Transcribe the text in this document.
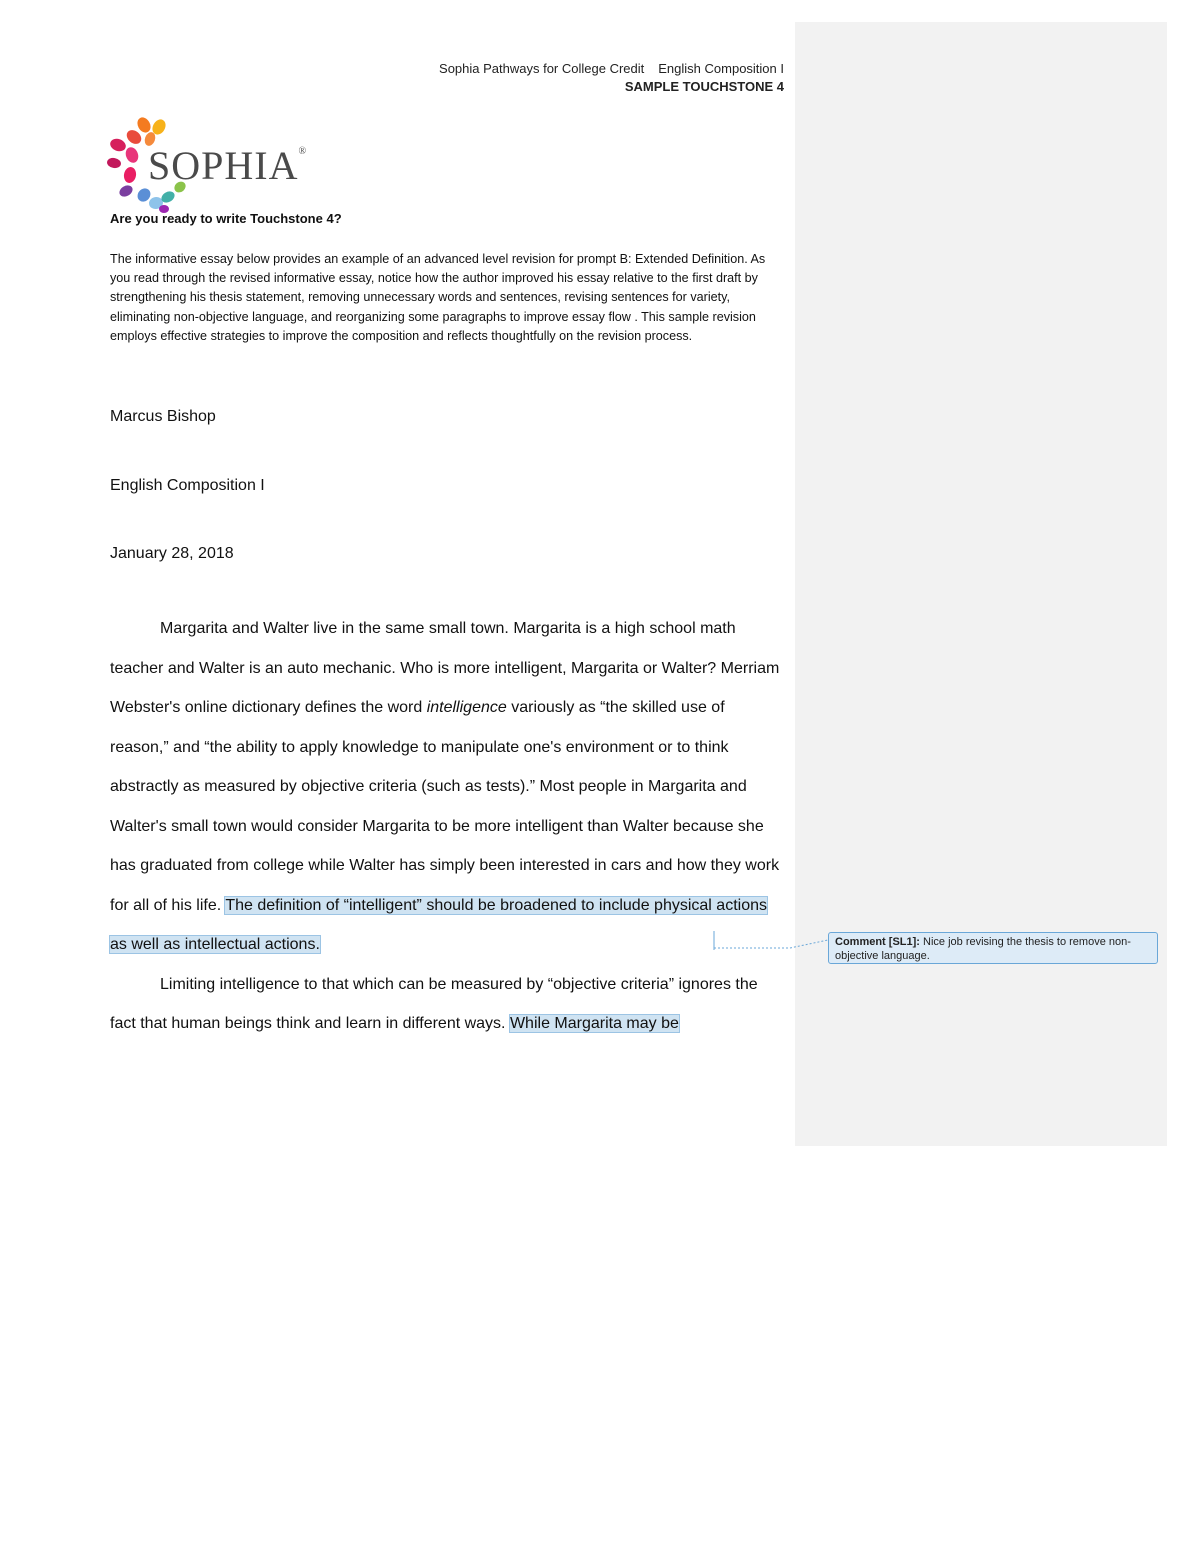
Sophia Pathways for College Credit English Composition I
SAMPLE TOUCHSTONE 4
SOPHIA®
Are you ready to write Touchstone 4?
The informative essay below provides an example of an advanced level revision for prompt B: Extended Definition. As you read through the revised informative essay, notice how the author improved his essay relative to the first draft by strengthening his thesis statement, removing unnecessary words and sentences, revising sentences for variety, eliminating non-objective language, and reorganizing some paragraphs to improve essay flow . This sample revision employs effective strategies to improve the composition and reflects thoughtfully on the revision process.
Marcus Bishop
English Composition I
January 28, 2018

Margarita and Walter live in the same small town. Margarita is a high school math teacher and Walter is an auto mechanic. Who is more intelligent, Margarita or Walter? Merriam Webster's online dictionary defines the word intelligence variously as “the skilled use of reason,” and “the ability to apply knowledge to manipulate one's environment or to think abstractly as measured by objective criteria (such as tests).” Most people in Margarita and Walter's small town would consider Margarita to be more intelligent than Walter because she has graduated from college while Walter has simply been interested in cars and how they work for all of his life. The definition of “intelligent” should be broadened to include physical actions as well as intellectual actions.

Limiting intelligence to that which can be measured by “objective criteria” ignores the fact that human beings think and learn in different ways. While Margarita may be

Comment [SL1]: Nice job revising the thesis to remove non-objective language.
